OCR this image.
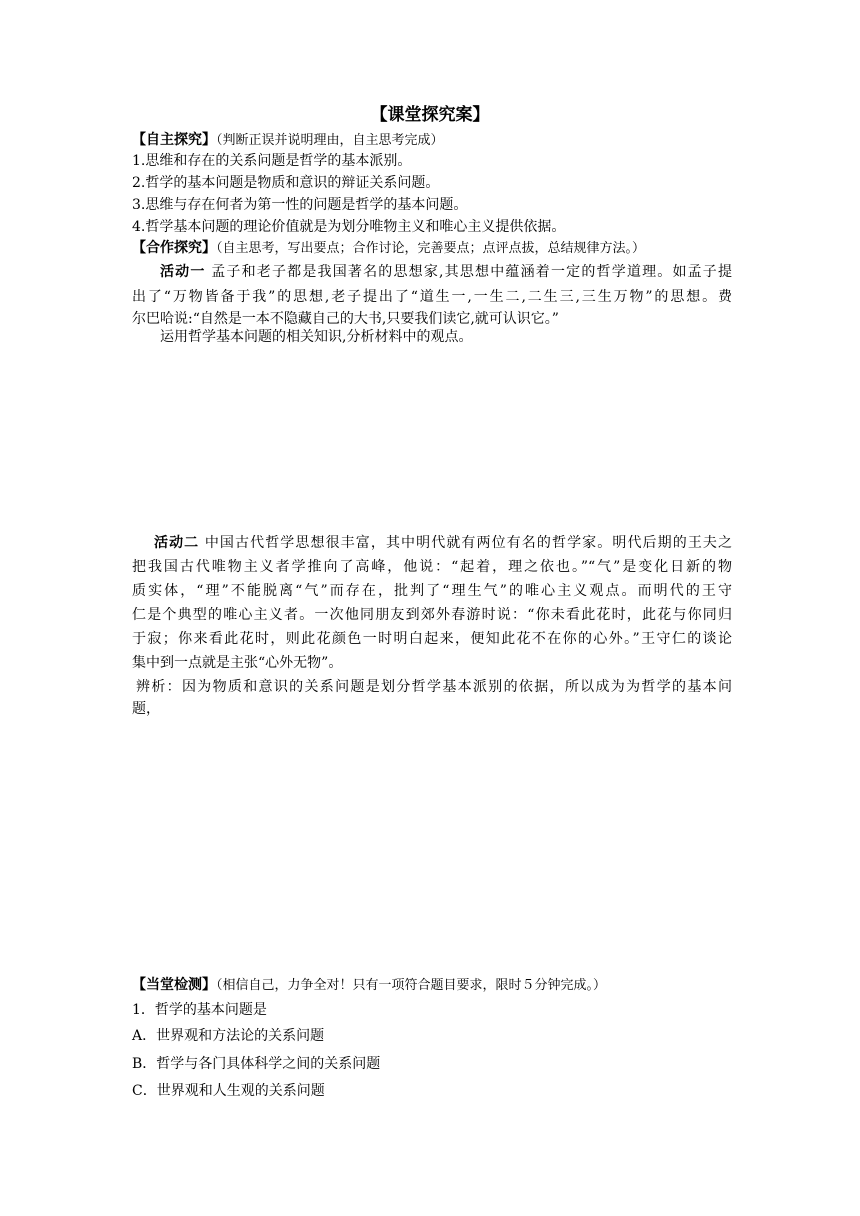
【课堂探究案】
【自主探究】（判断正误并说明理由，自主思考完成）
1.思维和存在的关系问题是哲学的基本派别。
2.哲学的基本问题是物质和意识的辩证关系问题。
3.思维与存在何者为第一性的问题是哲学的基本问题。
4.哲学基本问题的理论价值就是为划分唯物主义和唯心主义提供依据。
【合作探究】（自主思考，写出要点；合作讨论，完善要点；点评点拔，总结规律方法。）
活动一 孟子和老子都是我国著名的思想家,其思想中蕴涵着一定的哲学道理。如孟子提
出了“万物皆备于我”的思想,老子提出了“道生一,一生二,二生三,三生万物”的思想。费
尔巴哈说:“自然是一本不隐藏自己的大书,只要我们读它,就可认识它。”
运用哲学基本问题的相关知识,分析材料中的观点。
活动二 中国古代哲学思想很丰富，其中明代就有两位有名的哲学家。明代后期的王夫之
把我国古代唯物主义者学推向了高峰，他说：“起着，理之依也。”“气”是变化日新的物
质实体，“理”不能脱离“气”而存在，批判了“理生气”的唯心主义观点。而明代的王守
仁是个典型的唯心主义者。一次他同朋友到郊外春游时说：“你未看此花时，此花与你同归
于寂；你来看此花时，则此花颜色一时明白起来，便知此花不在你的心外。”王守仁的谈论
集中到一点就是主张“心外无物”。
辨析：因为物质和意识的关系问题是划分哲学基本派别的依据，所以成为为哲学的基本问
题，
【当堂检测】（相信自己，力争全对！只有一项符合题目要求，限时５分钟完成。）
1．哲学的基本问题是
A．世界观和方法论的关系问题
B．哲学与各门具体科学之间的关系问题
C．世界观和人生观的关系问题
